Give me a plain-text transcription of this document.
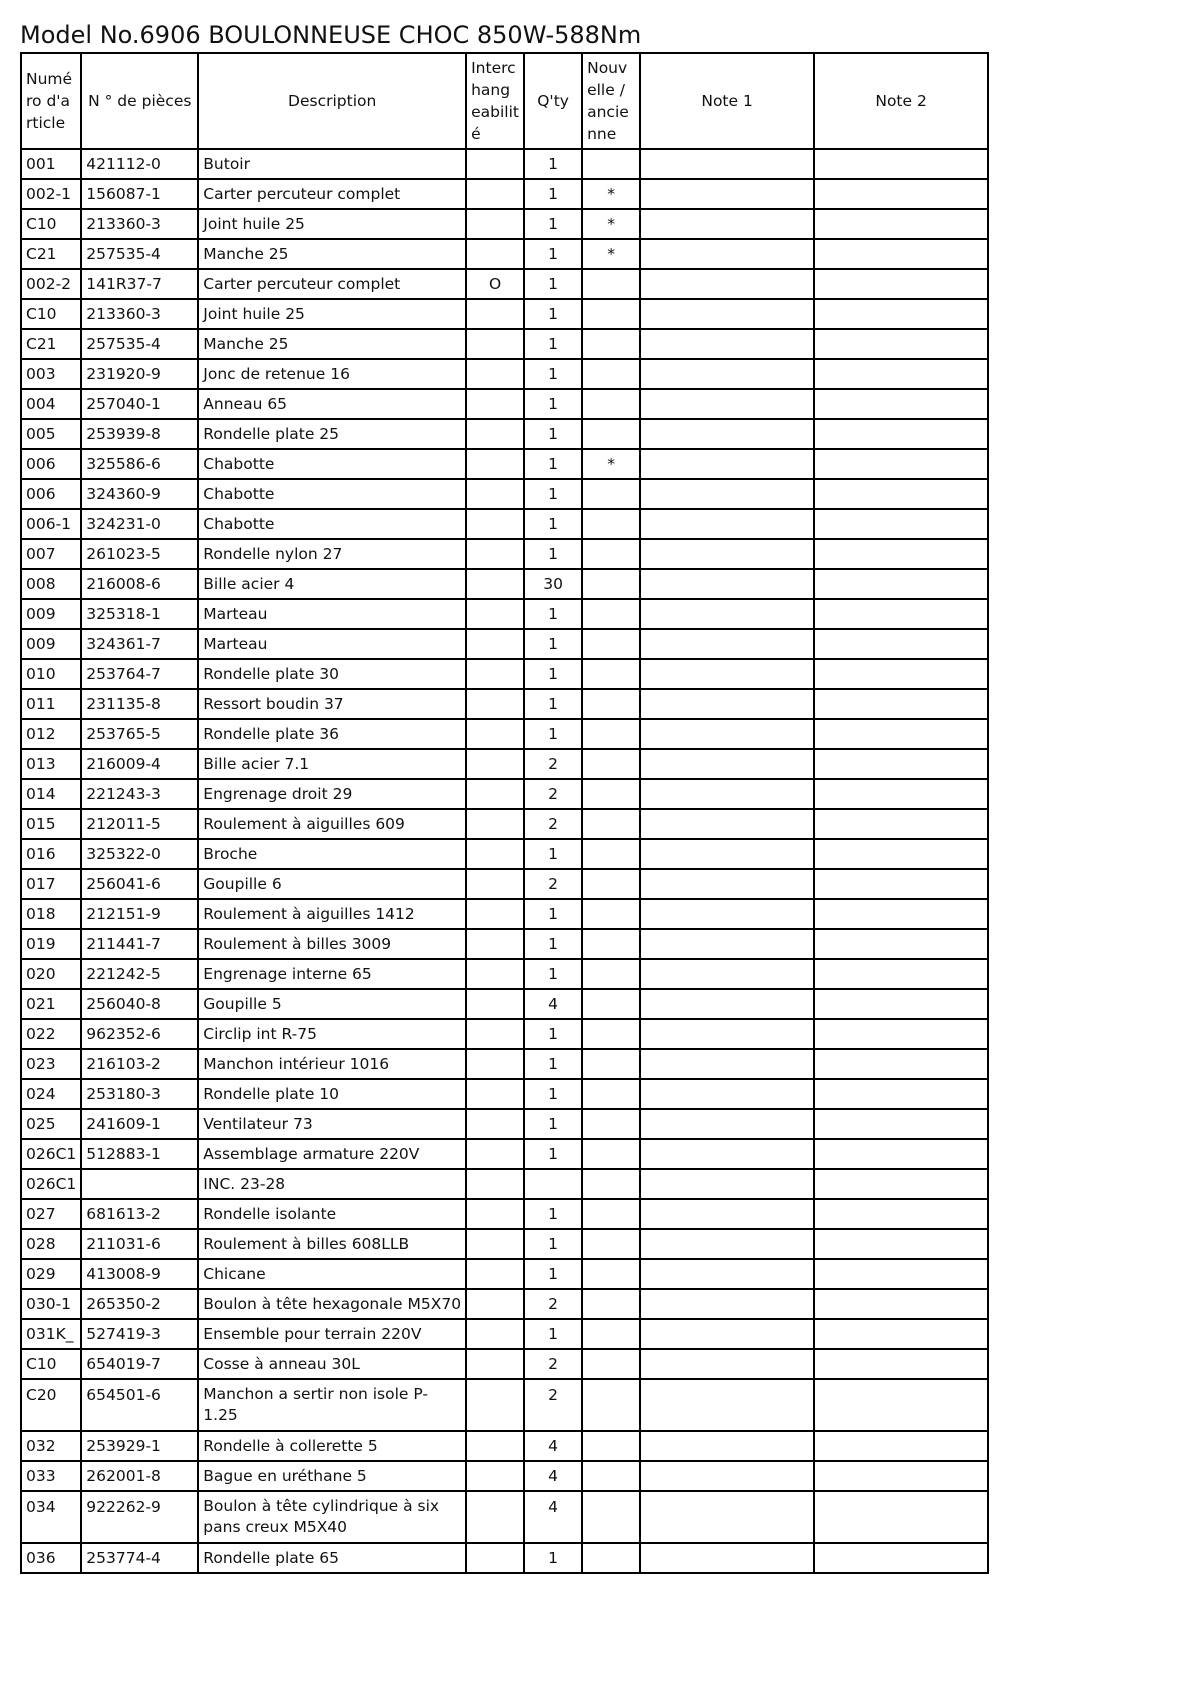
Model No.6906 BOULONNEUSE CHOC 850W-588Nm
Numéro d'article	N ° de pièces	Description	Interchangeabilité	Q'ty	Nouvelle / ancienne	Note 1	Note 2
001	421112-0	Butoir		1			
002-1	156087-1	Carter percuteur complet		1	*		
C10	213360-3	Joint huile 25		1	*		
C21	257535-4	Manche 25		1	*		
002-2	141R37-7	Carter percuteur complet	O	1			
C10	213360-3	Joint huile 25		1			
C21	257535-4	Manche 25		1			
003	231920-9	Jonc de retenue 16		1			
004	257040-1	Anneau 65		1			
005	253939-8	Rondelle plate 25		1			
006	325586-6	Chabotte		1	*		
006	324360-9	Chabotte		1			
006-1	324231-0	Chabotte		1			
007	261023-5	Rondelle nylon 27		1			
008	216008-6	Bille acier 4		30			
009	325318-1	Marteau		1			
009	324361-7	Marteau		1			
010	253764-7	Rondelle plate 30		1			
011	231135-8	Ressort boudin 37		1			
012	253765-5	Rondelle plate 36		1			
013	216009-4	Bille acier 7.1		2			
014	221243-3	Engrenage droit 29		2			
015	212011-5	Roulement à aiguilles 609		2			
016	325322-0	Broche		1			
017	256041-6	Goupille 6		2			
018	212151-9	Roulement à aiguilles 1412		1			
019	211441-7	Roulement à billes 3009		1			
020	221242-5	Engrenage interne 65		1			
021	256040-8	Goupille 5		4			
022	962352-6	Circlip int R-75		1			
023	216103-2	Manchon intérieur 1016		1			
024	253180-3	Rondelle plate 10		1			
025	241609-1	Ventilateur 73		1			
026C1	512883-1	Assemblage armature 220V		1			
026C1		INC. 23-28					
027	681613-2	Rondelle isolante		1			
028	211031-6	Roulement à billes 608LLB		1			
029	413008-9	Chicane		1			
030-1	265350-2	Boulon à tête hexagonale M5X70		2			
031K_	527419-3	Ensemble pour terrain 220V		1			
C10	654019-7	Cosse à anneau 30L		2			
C20	654501-6	Manchon a sertir non isole P-1.25		2			
032	253929-1	Rondelle à collerette 5		4			
033	262001-8	Bague en uréthane 5		4			
034	922262-9	Boulon à tête cylindrique à six pans creux M5X40		4			
036	253774-4	Rondelle plate 65		1			
